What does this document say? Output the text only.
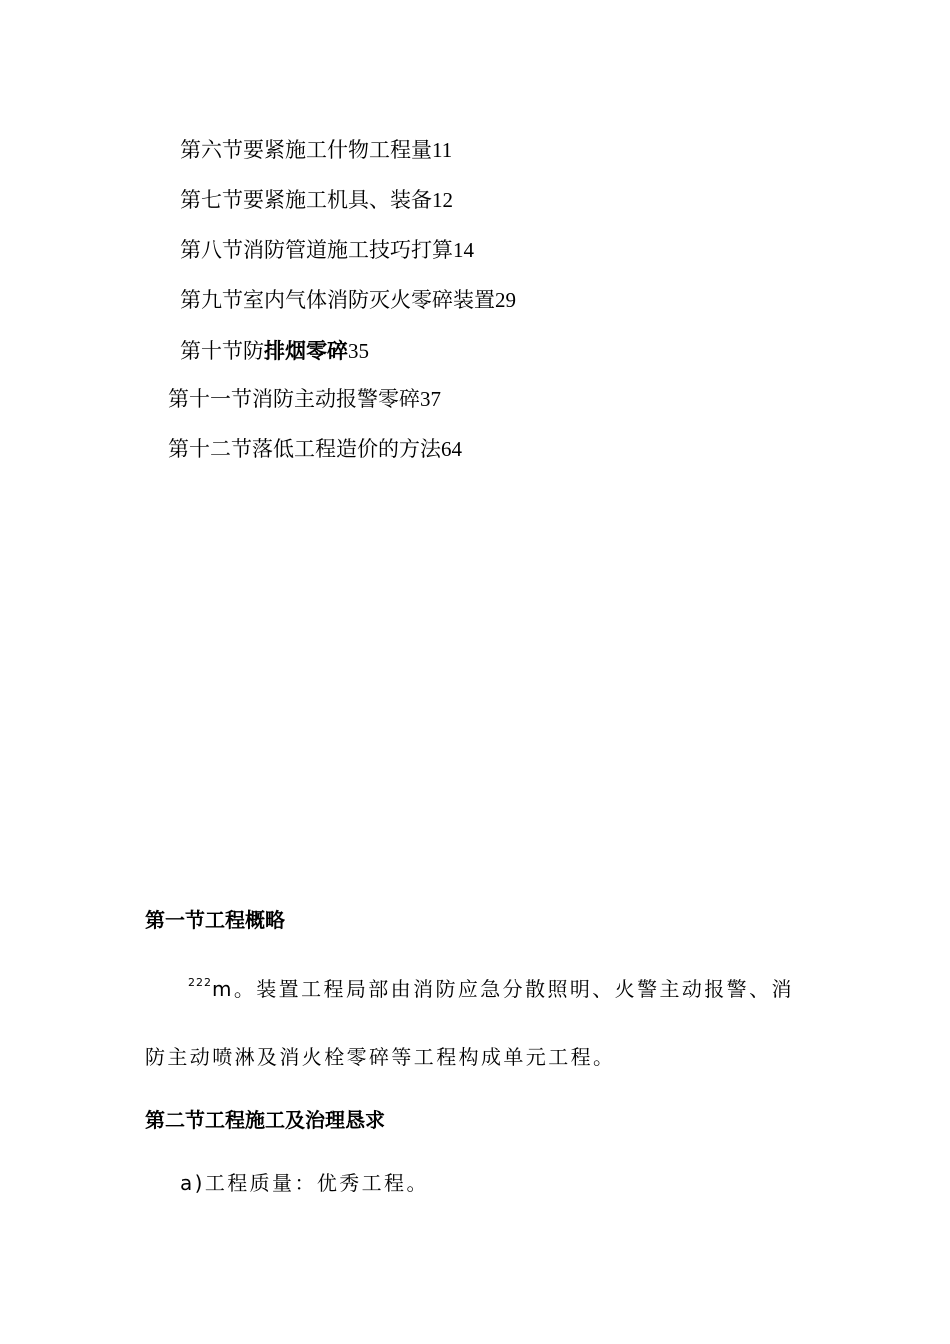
第六节要紧施工什物工程量11
第七节要紧施工机具、装备12
第八节消防管道施工技巧打算14
第九节室内气体消防灭火零碎装置29
第十节防排烟零碎35
第十一节消防主动报警零碎37
第十二节落低工程造价的方法64
第一节工程概略
$^{222}$m。装置工程局部由消防应急分散照明、火警主动报警、消
防主动喷淋及消火栓零碎等工程构成单元工程。
第二节工程施工及治理恳求
a)工程质量：优秀工程。
